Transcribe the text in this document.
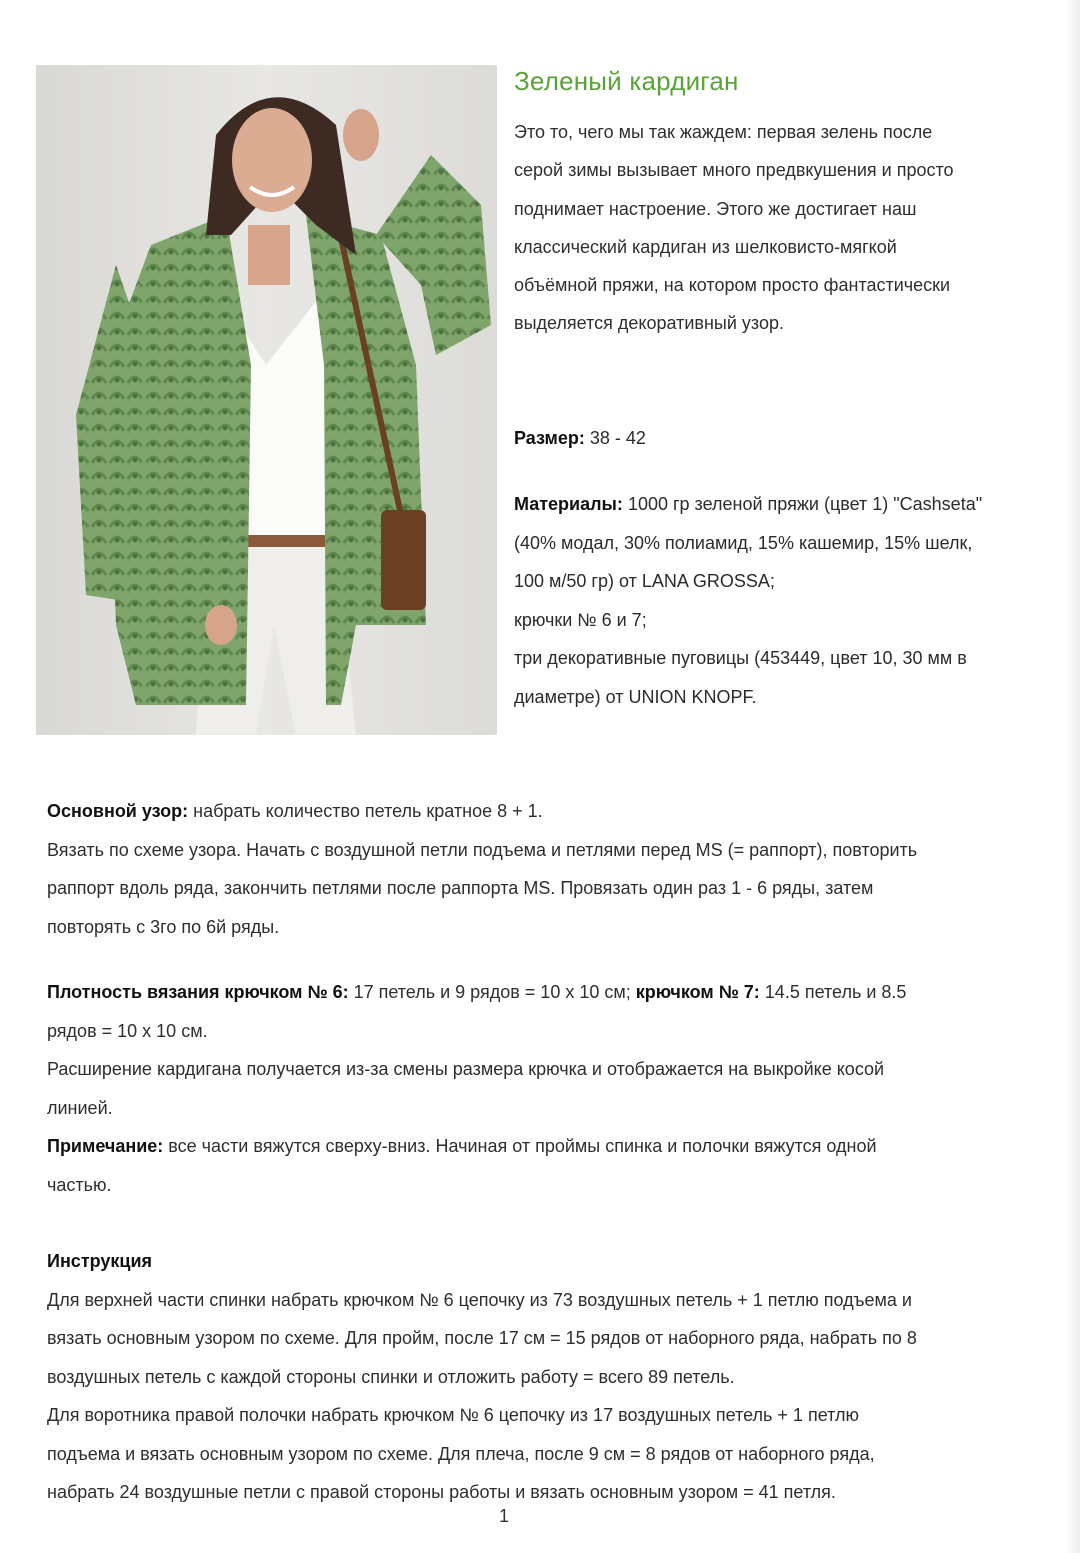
Зеленый кардиган

Это то, чего мы так жаждем: первая зелень после серой зимы вызывает много предвкушения и просто поднимает настроение. Этого же достигает наш классический кардиган из шелковисто-мягкой объёмной пряжи, на котором просто фантастически выделяется декоративный узор.

Размер: 38 - 42

Материалы: 1000 гр зеленой пряжи (цвет 1) "Cashseta" (40% модал, 30% полиамид, 15% кашемир, 15% шелк, 100 м/50 гр) от LANA GROSSA;
крючки № 6 и 7;
три декоративные пуговицы (453449, цвет 10, 30 мм в диаметре) от UNION KNOPF.

Основной узор: набрать количество петель кратное 8 + 1.
Вязать по схеме узора. Начать с воздушной петли подъема и петлями перед MS (= раппорт), повторить
раппорт вдоль ряда, закончить петлями после раппорта MS. Провязать один раз 1 - 6 ряды, затем
повторять с 3го по 6й ряды.
Плотность вязания крючком № 6: 17 петель и 9 рядов = 10 х 10 см; крючком № 7: 14.5 петель и 8.5
рядов = 10 х 10 см.
Расширение кардигана получается из-за смены размера крючка и отображается на выкройке косой
линией.
Примечание: все части вяжутся сверху-вниз. Начиная от проймы спинка и полочки вяжутся одной
частью.
Инструкция
Для верхней части спинки набрать крючком № 6 цепочку из 73 воздушных петель + 1 петлю подъема и
вязать основным узором по схеме. Для пройм, после 17 см = 15 рядов от наборного ряда, набрать по 8
воздушных петель с каждой стороны спинки и отложить работу = всего 89 петель.
Для воротника правой полочки набрать крючком № 6 цепочку из 17 воздушных петель + 1 петлю
подъема и вязать основным узором по схеме. Для плеча, после 9 см = 8 рядов от наборного ряда,
набрать 24 воздушные петли с правой стороны работы и вязать основным узором = 41 петля.
1
